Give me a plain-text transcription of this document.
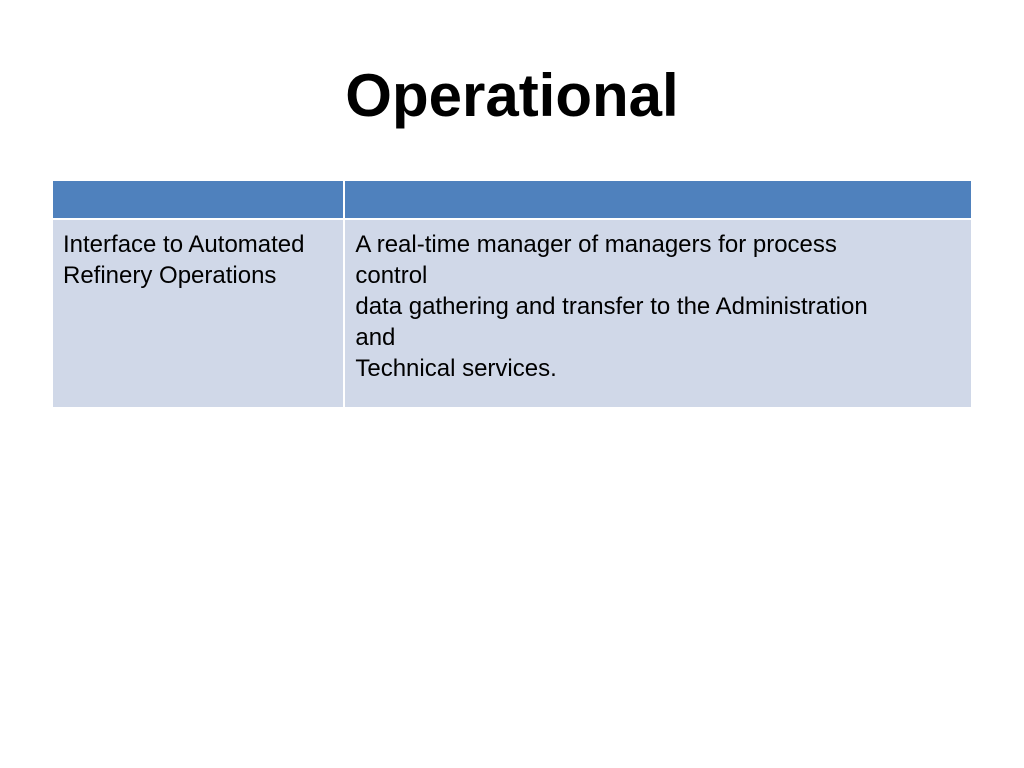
Operational

Interface to Automated
Refinery Operations	A real-time manager of managers for process
control
data gathering and transfer to the Administration
and
Technical services.
